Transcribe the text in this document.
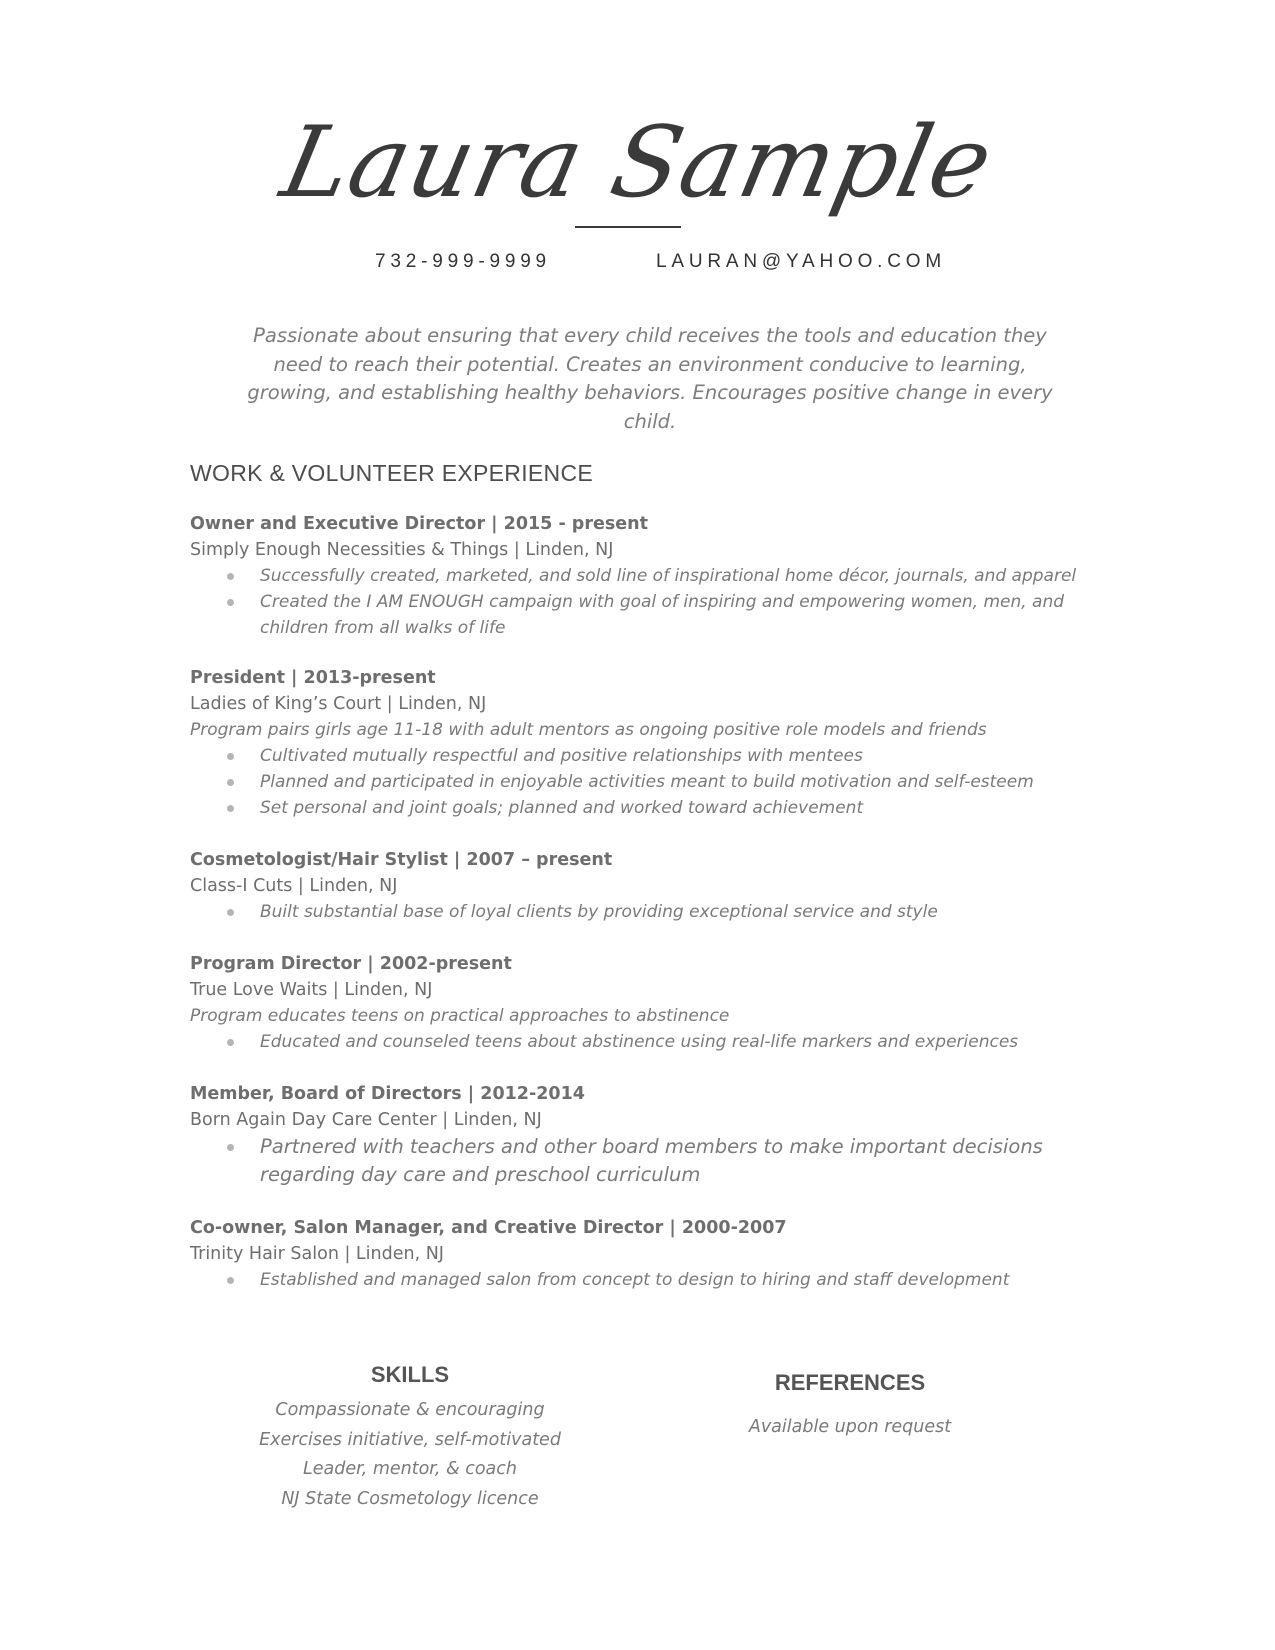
Laura Sample
732-999-9999	LAURAN@YAHOO.COM
Passionate about ensuring that every child receives the tools and education they need to reach their potential. Creates an environment conducive to learning, growing, and establishing healthy behaviors. Encourages positive change in every child.
WORK & VOLUNTEER EXPERIENCE
Owner and Executive Director | 2015 - present
Simply Enough Necessities & Things | Linden, NJ
Successfully created, marketed, and sold line of inspirational home décor, journals, and apparel
Created the I AM ENOUGH campaign with goal of inspiring and empowering women, men, and children from all walks of life
President | 2013-present
Ladies of King’s Court | Linden, NJ
Program pairs girls age 11-18 with adult mentors as ongoing positive role models and friends
Cultivated mutually respectful and positive relationships with mentees
Planned and participated in enjoyable activities meant to build motivation and self-esteem
Set personal and joint goals; planned and worked toward achievement
Cosmetologist/Hair Stylist | 2007 – present
Class-I Cuts | Linden, NJ
Built substantial base of loyal clients by providing exceptional service and style
Program Director | 2002-present
True Love Waits | Linden, NJ
Program educates teens on practical approaches to abstinence
Educated and counseled teens about abstinence using real-life markers and experiences
Member, Board of Directors | 2012-2014
Born Again Day Care Center | Linden, NJ
Partnered with teachers and other board members to make important decisions regarding day care and preschool curriculum
Co-owner, Salon Manager, and Creative Director | 2000-2007
Trinity Hair Salon | Linden, NJ
Established and managed salon from concept to design to hiring and staff development
SKILLS
Compassionate & encouraging
Exercises initiative, self-motivated
Leader, mentor, & coach
NJ State Cosmetology licence
REFERENCES
Available upon request
